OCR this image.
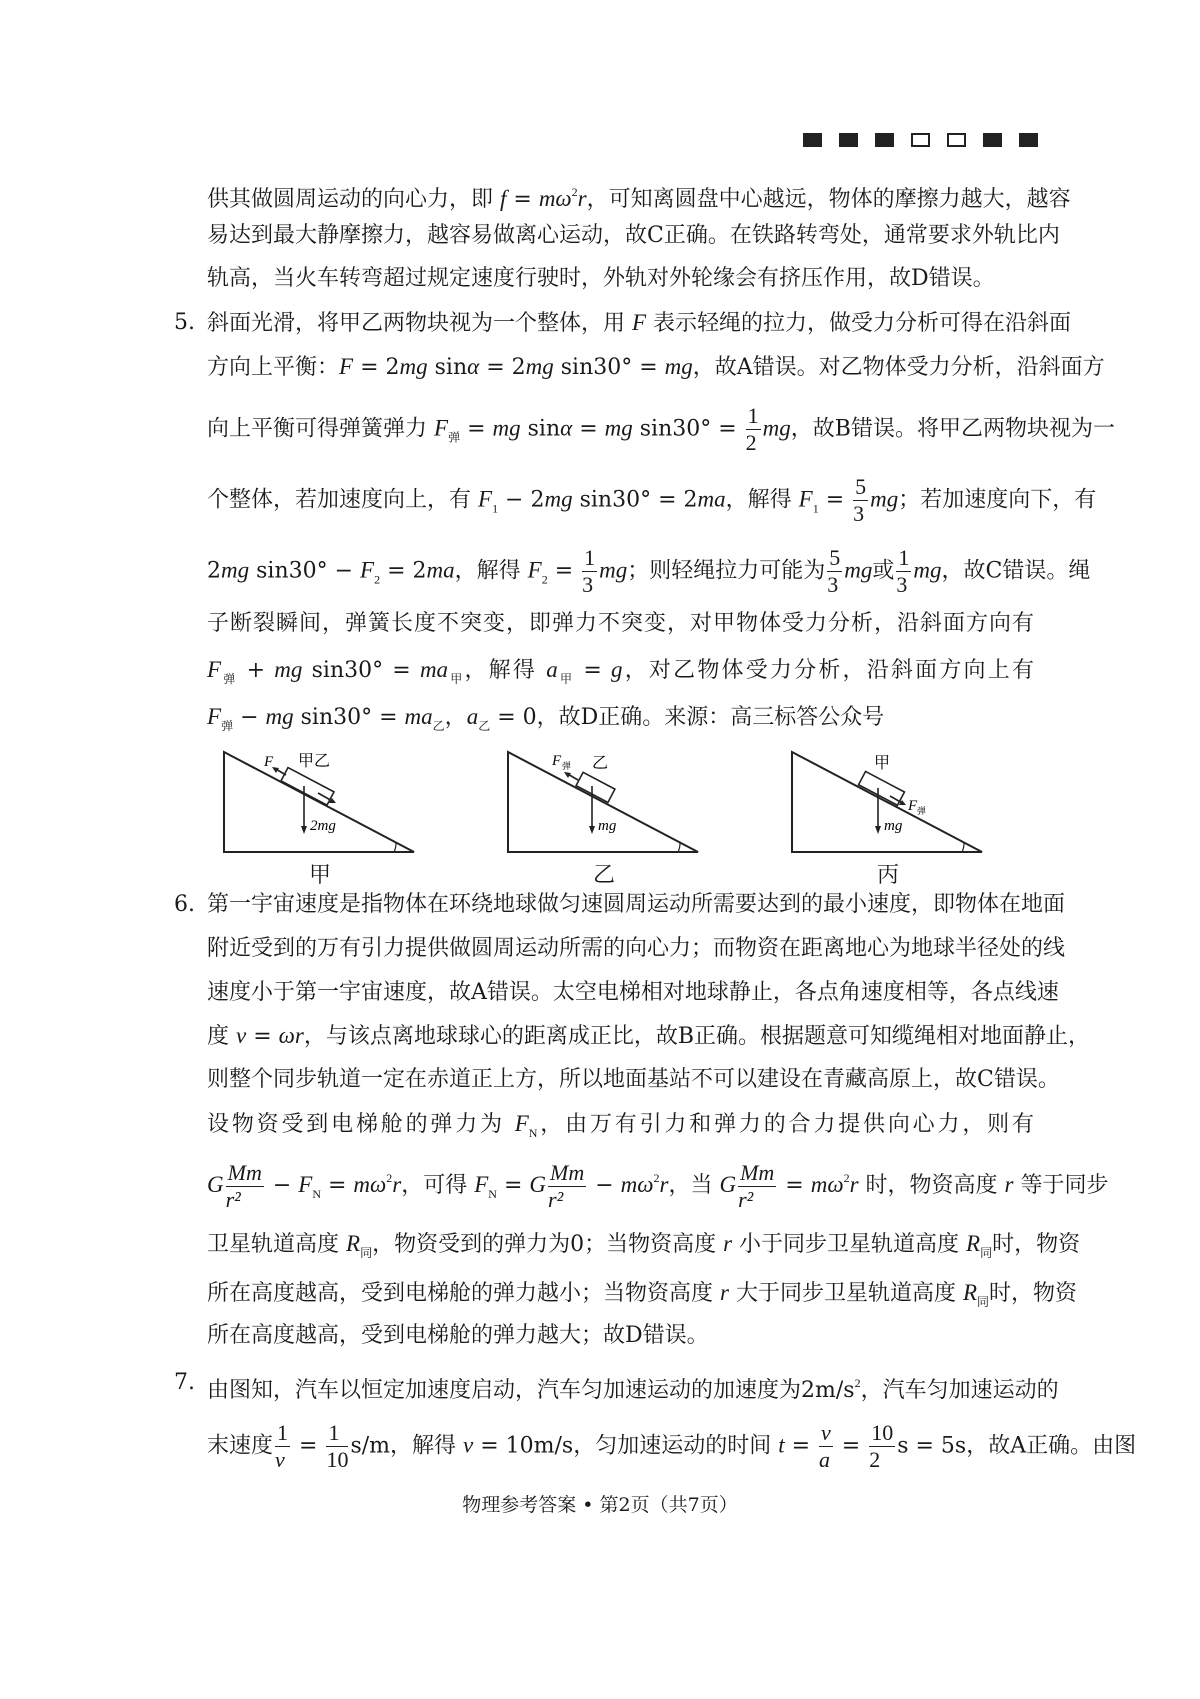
供其做圆周运动的向心力，即 $f = m\omega^2r$，可知离圆盘中心越远，物体的摩擦力越大，越容
易达到最大静摩擦力，越容易做离心运动，故C正确。在铁路转弯处，通常要求外轨比内
轨高，当火车转弯超过规定速度行驶时，外轨对外轮缘会有挤压作用，故D错误。
5. 斜面光滑，将甲乙两物块视为一个整体，用 F 表示轻绳的拉力，做受力分析可得在沿斜面
方向上平衡：F = 2mg sinα = 2mg sin30° = mg，故A错误。对乙物体受力分析，沿斜面方
向上平衡可得弹簧弹力 $F_弹$ = mg sinα = mg $\sin 30^\circ = \frac{1}{2}$ mg，故B错误。将甲乙两物块视为一
个整体，若加速度向上，有 $F_1 - 2mg$ sin30° = 2ma，解得 $F_1 = \frac{5}{3}$ mg；若加速度向下，有
2mg $\sin 30^\circ - F_2 = 2ma$，解得 $F_2 = \frac{1}{3}$ mg；则轻绳拉力可能为 $\frac{5}{3}$ mg或 $\frac{1}{3}$ mg，故C错误。绳
子断裂瞬间，弹簧长度不突变，即弹力不突变，对甲物体受力分析，沿斜面方向有
$F_弹$ + mg $\sin 30^\circ = ma_甲$，解得 $a_甲 = g$，对乙物体受力分析，沿斜面方向上有
$F_弹$ − mg $\sin 30^\circ = ma_乙$，$a_乙 = 0$，故D正确。来源：高三标答公众号
6. 第一宇宙速度是指物体在环绕地球做匀速圆周运动所需要达到的最小速度，即物体在地面
附近受到的万有引力提供做圆周运动所需的向心力；而物资在距离地心为地球半径处的线
速度小于第一宇宙速度，故A错误。太空电梯相对地球静止，各点角速度相等，各点线速
度 v = ωr，与该点离地球球心的距离成正比，故B正确。根据题意可知缆绳相对地面静止，
则整个同步轨道一定在赤道正上方，所以地面基站不可以建设在青藏高原上，故C错误。
设物资受到电梯舱的弹力为 $F_N$，由万有引力和弹力的合力提供向心力，则有
G $\frac{Mm}{\text{r²}} - F_N = m\omega^2r$，可得 $F_N = G \frac{Mm}{\text{r²}} - m\omega^2r$，当 G $\frac{Mm}{\text{r²}} = m\omega^2r$ 时，物资高度 r 等于同步
卫星轨道高度 $R_同$，物资受到的弹力为0；当物资高度 r 小于同步卫星轨道高度 $R_同$时，物资
所在高度越高，受到电梯舱的弹力越小；当物资高度 r 大于同步卫星轨道高度 $R_同$时，物资
所在高度越高，受到电梯舱的弹力越大；故D错误。
7. 由图知，汽车以恒定加速度启动，汽车匀加速运动的加速度为$2m/s^2$，汽车匀加速运动的
末速度 $\frac{1}{v} = \frac{1}{10} s/m$，解得 v = 10m/s，匀加速运动的时间 $t = \frac{v}{a} = \frac{10}{2}$ s = 5s，故A正确。由图
F 甲乙
2mg
甲
F 弹 乙
mg
乙
甲
F 弹
mg
丙
物理参考答案 • 第2页（共7页）
